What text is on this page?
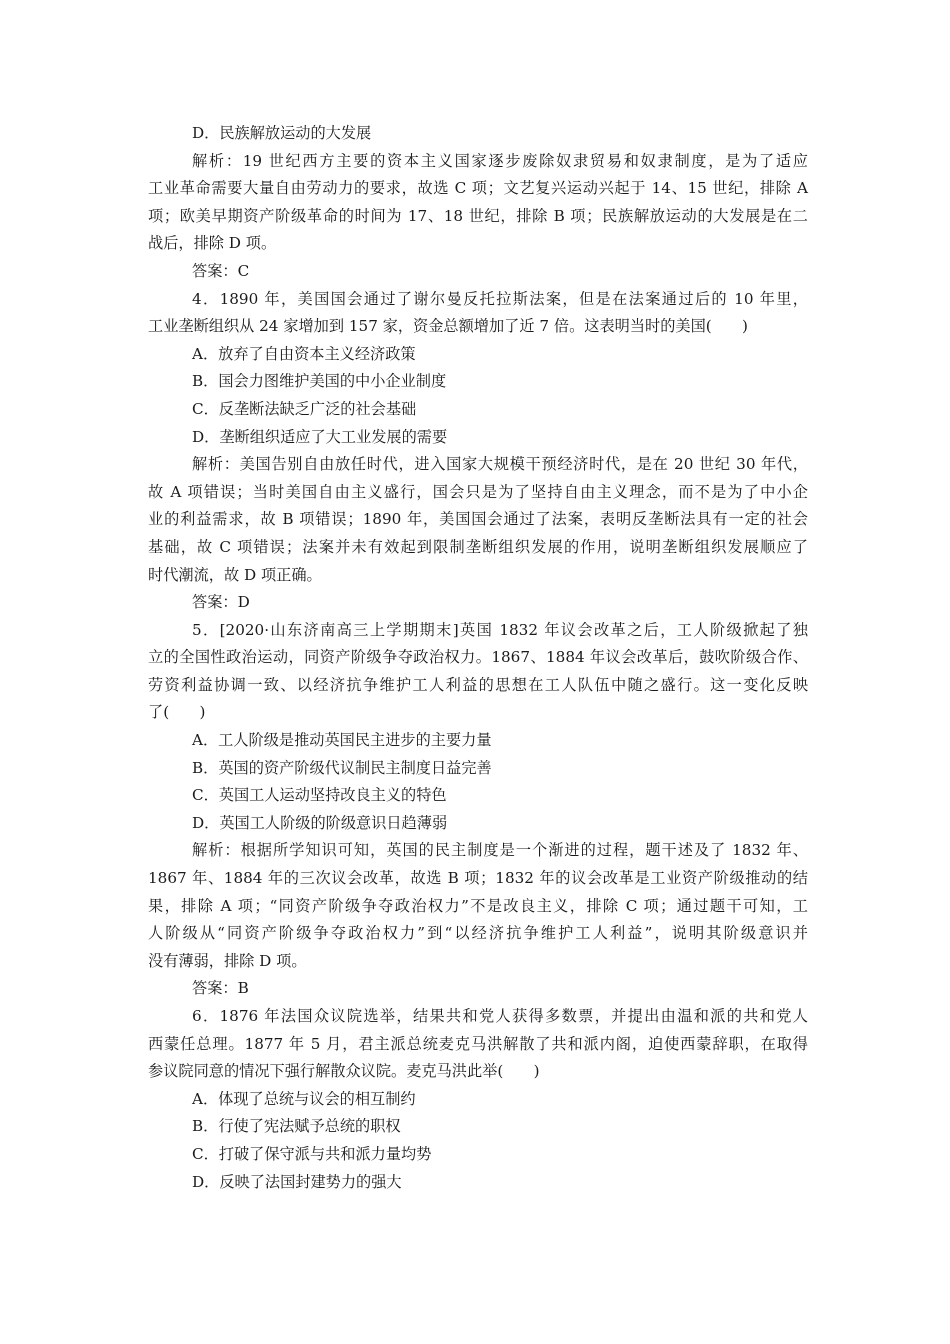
D．民族解放运动的大发展
解析：19 世纪西方主要的资本主义国家逐步废除奴隶贸易和奴隶制度，是为了适应
工业革命需要大量自由劳动力的要求，故选 C 项；文艺复兴运动兴起于 14、15 世纪，排除 A
项；欧美早期资产阶级革命的时间为 17、18 世纪，排除 B 项；民族解放运动的大发展是在二
战后，排除 D 项。
答案：C
4．1890 年，美国国会通过了谢尔曼反托拉斯法案，但是在法案通过后的 10 年里，
工业垄断组织从 24 家增加到 157 家，资金总额增加了近 7 倍。这表明当时的美国(　　)
A．放弃了自由资本主义经济政策
B．国会力图维护美国的中小企业制度
C．反垄断法缺乏广泛的社会基础
D．垄断组织适应了大工业发展的需要
解析：美国告别自由放任时代，进入国家大规模干预经济时代，是在 20 世纪 30 年代，
故 A 项错误；当时美国自由主义盛行，国会只是为了坚持自由主义理念，而不是为了中小企
业的利益需求，故 B 项错误；1890 年，美国国会通过了法案，表明反垄断法具有一定的社会
基础，故 C 项错误；法案并未有效起到限制垄断组织发展的作用，说明垄断组织发展顺应了
时代潮流，故 D 项正确。
答案：D
5．[2020·山东济南高三上学期期末]英国 1832 年议会改革之后，工人阶级掀起了独
立的全国性政治运动，同资产阶级争夺政治权力。1867、1884 年议会改革后，鼓吹阶级合作、
劳资利益协调一致、以经济抗争维护工人利益的思想在工人队伍中随之盛行。这一变化反映
了(　　)
A．工人阶级是推动英国民主进步的主要力量
B．英国的资产阶级代议制民主制度日益完善
C．英国工人运动坚持改良主义的特色
D．英国工人阶级的阶级意识日趋薄弱
解析：根据所学知识可知，英国的民主制度是一个渐进的过程，题干述及了 1832 年、
1867 年、1884 年的三次议会改革，故选 B 项；1832 年的议会改革是工业资产阶级推动的结
果，排除 A 项；“同资产阶级争夺政治权力”不是改良主义，排除 C 项；通过题干可知，工
人阶级从“同资产阶级争夺政治权力”到“以经济抗争维护工人利益”，说明其阶级意识并
没有薄弱，排除 D 项。
答案：B
6．1876 年法国众议院选举，结果共和党人获得多数票，并提出由温和派的共和党人
西蒙任总理。1877 年 5 月，君主派总统麦克马洪解散了共和派内阁，迫使西蒙辞职，在取得
参议院同意的情况下强行解散众议院。麦克马洪此举(　　)
A．体现了总统与议会的相互制约
B．行使了宪法赋予总统的职权
C．打破了保守派与共和派力量均势
D．反映了法国封建势力的强大
